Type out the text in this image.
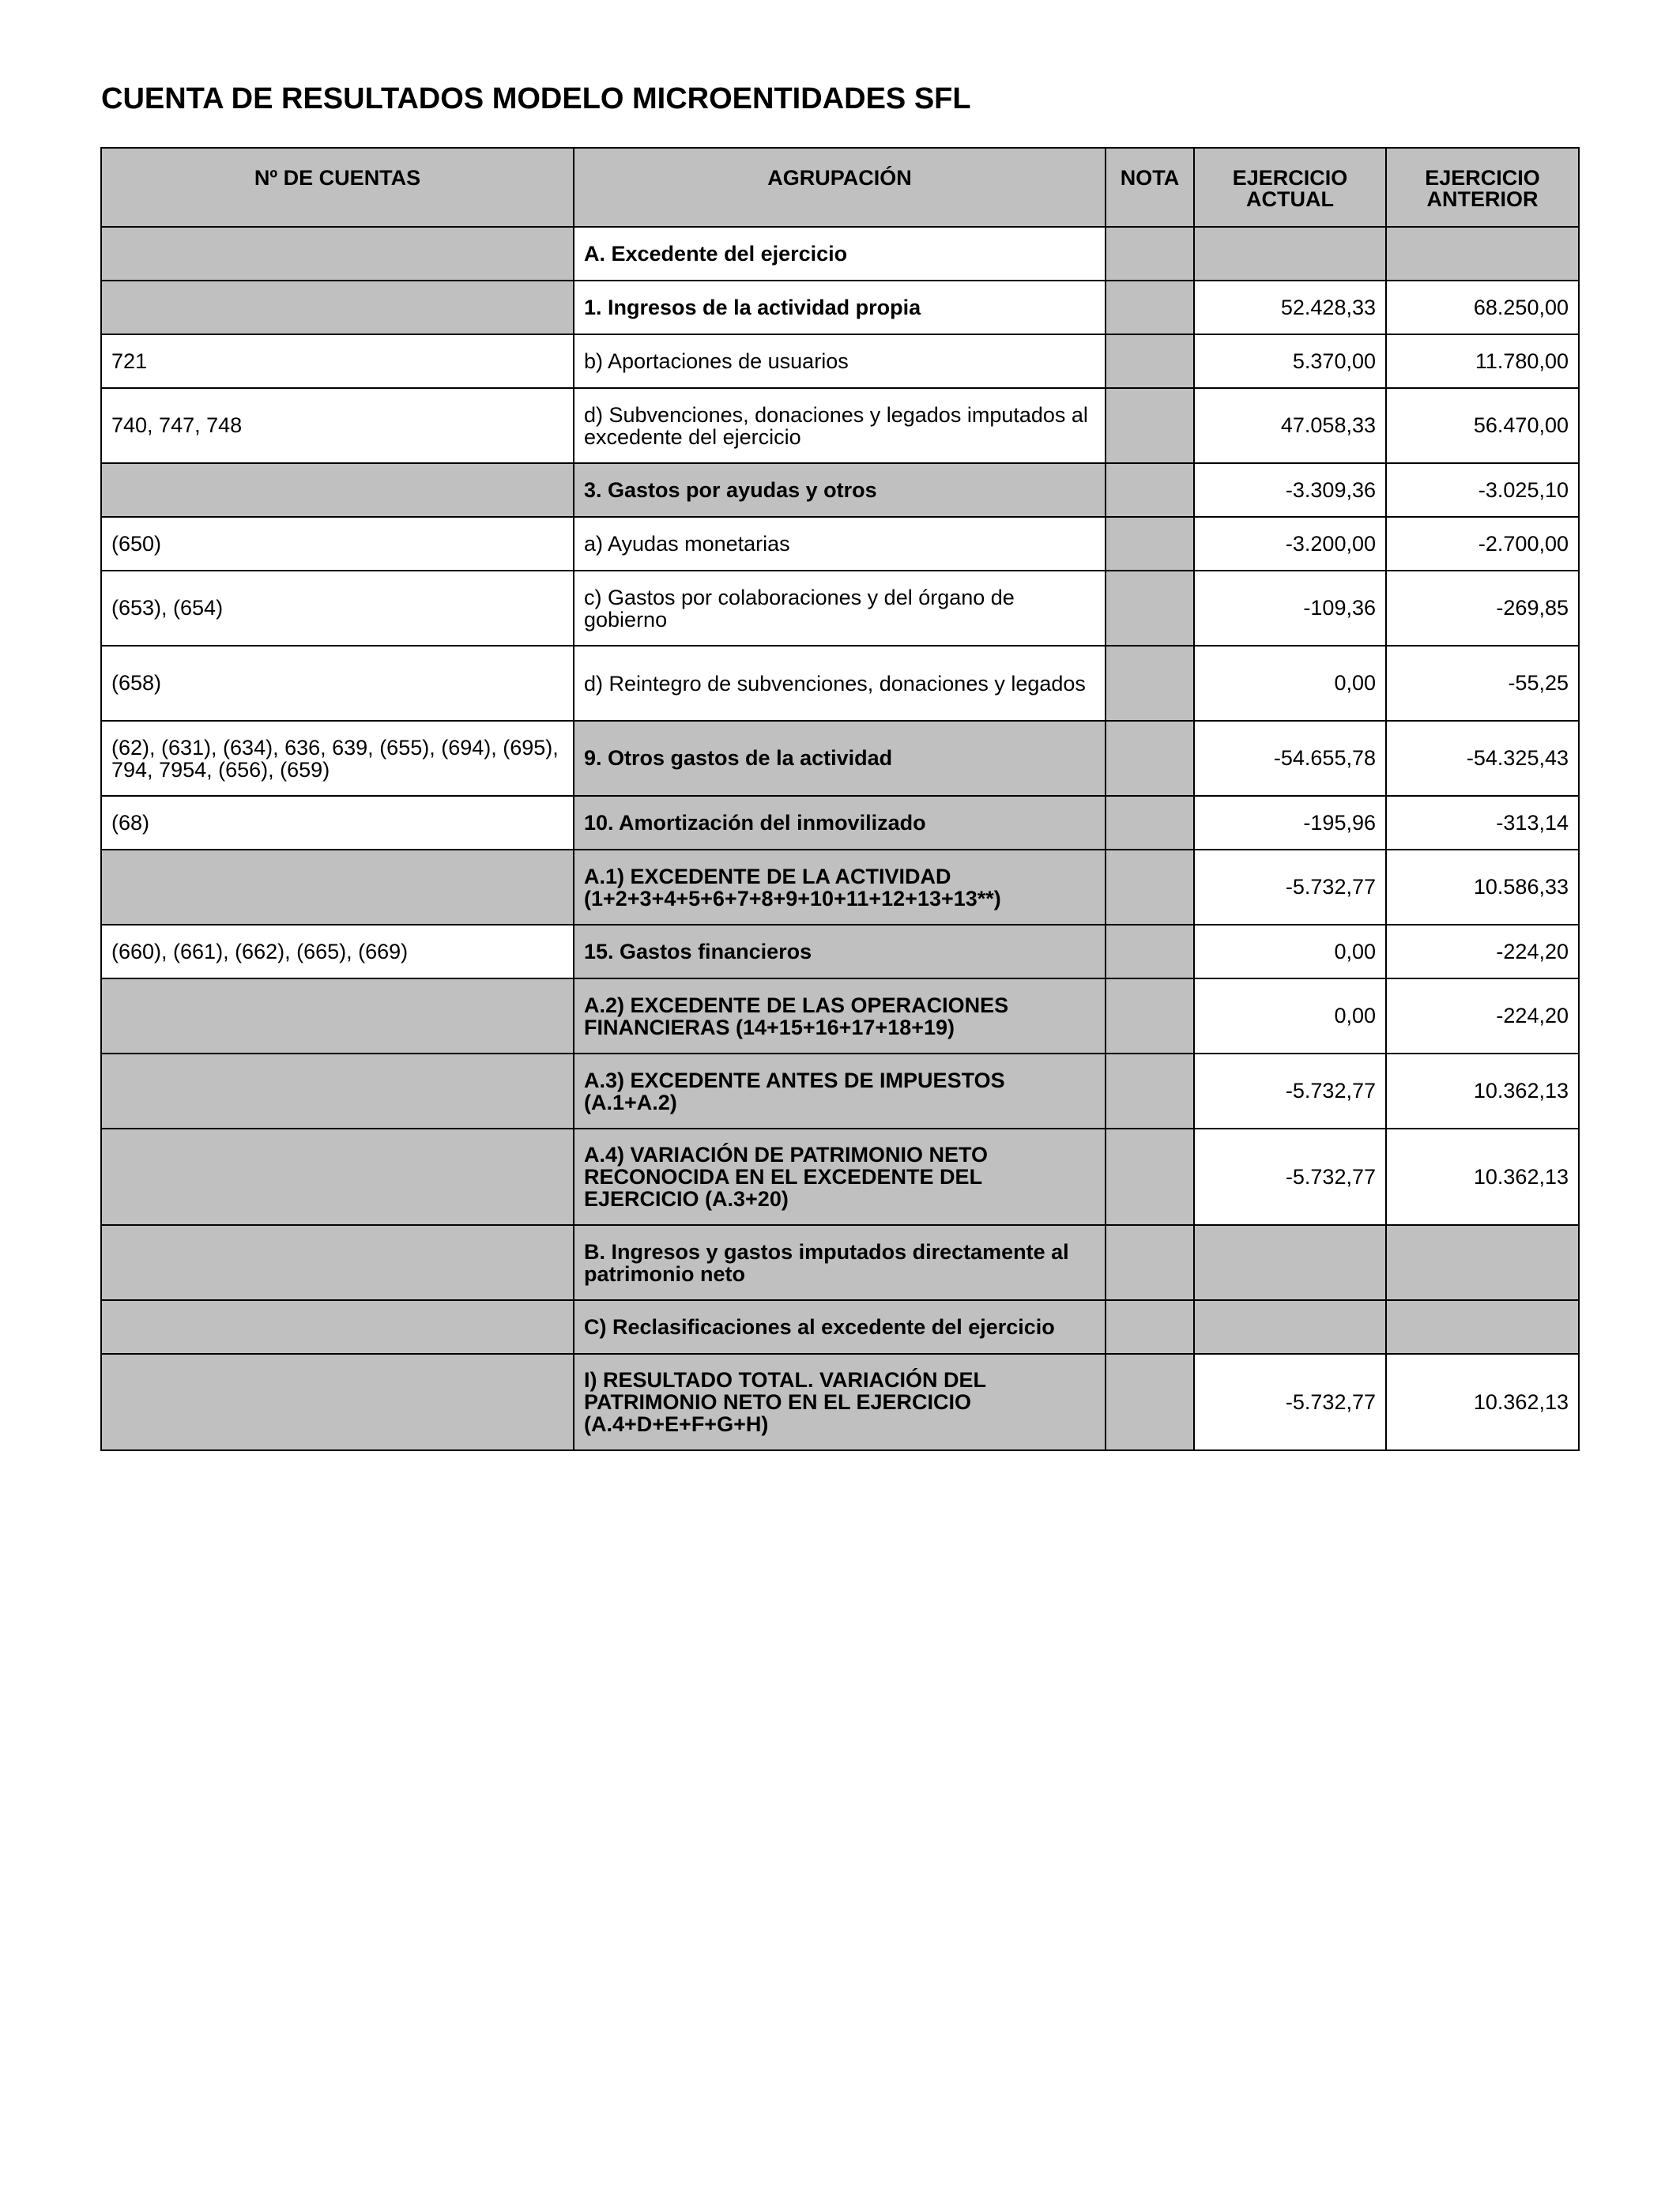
CUENTA DE RESULTADOS MODELO MICROENTIDADES SFL
Nº DE CUENTAS	AGRUPACIÓN	NOTA	EJERCICIO ACTUAL	EJERCICIO ANTERIOR
	A. Excedente del ejercicio			
	1. Ingresos de la actividad propia		52.428,33	68.250,00
721	b) Aportaciones de usuarios		5.370,00	11.780,00
740, 747, 748	d) Subvenciones, donaciones y legados imputados al excedente del ejercicio		47.058,33	56.470,00
	3. Gastos por ayudas y otros		-3.309,36	-3.025,10
(650)	a) Ayudas monetarias		-3.200,00	-2.700,00
(653), (654)	c) Gastos por colaboraciones y del órgano de gobierno		-109,36	-269,85
(658)	d) Reintegro de subvenciones, donaciones y legados		0,00	-55,25
(62), (631), (634), 636, 639, (655), (694), (695), 794, 7954, (656), (659)	9. Otros gastos de la actividad		-54.655,78	-54.325,43
(68)	10. Amortización del inmovilizado		-195,96	-313,14
	A.1) EXCEDENTE DE LA ACTIVIDAD (1+2+3+4+5+6+7+8+9+10+11+12+13+13**)		-5.732,77	10.586,33
(660), (661), (662), (665), (669)	15. Gastos financieros		0,00	-224,20
	A.2) EXCEDENTE DE LAS OPERACIONES FINANCIERAS (14+15+16+17+18+19)		0,00	-224,20
	A.3) EXCEDENTE ANTES DE IMPUESTOS (A.1+A.2)		-5.732,77	10.362,13
	A.4) VARIACIÓN DE PATRIMONIO NETO RECONOCIDA EN EL EXCEDENTE DEL EJERCICIO (A.3+20)		-5.732,77	10.362,13
	B. Ingresos y gastos imputados directamente al patrimonio neto			
	C) Reclasificaciones al excedente del ejercicio			
	I) RESULTADO TOTAL. VARIACIÓN DEL PATRIMONIO NETO EN EL EJERCICIO (A.4+D+E+F+G+H)		-5.732,77	10.362,13
